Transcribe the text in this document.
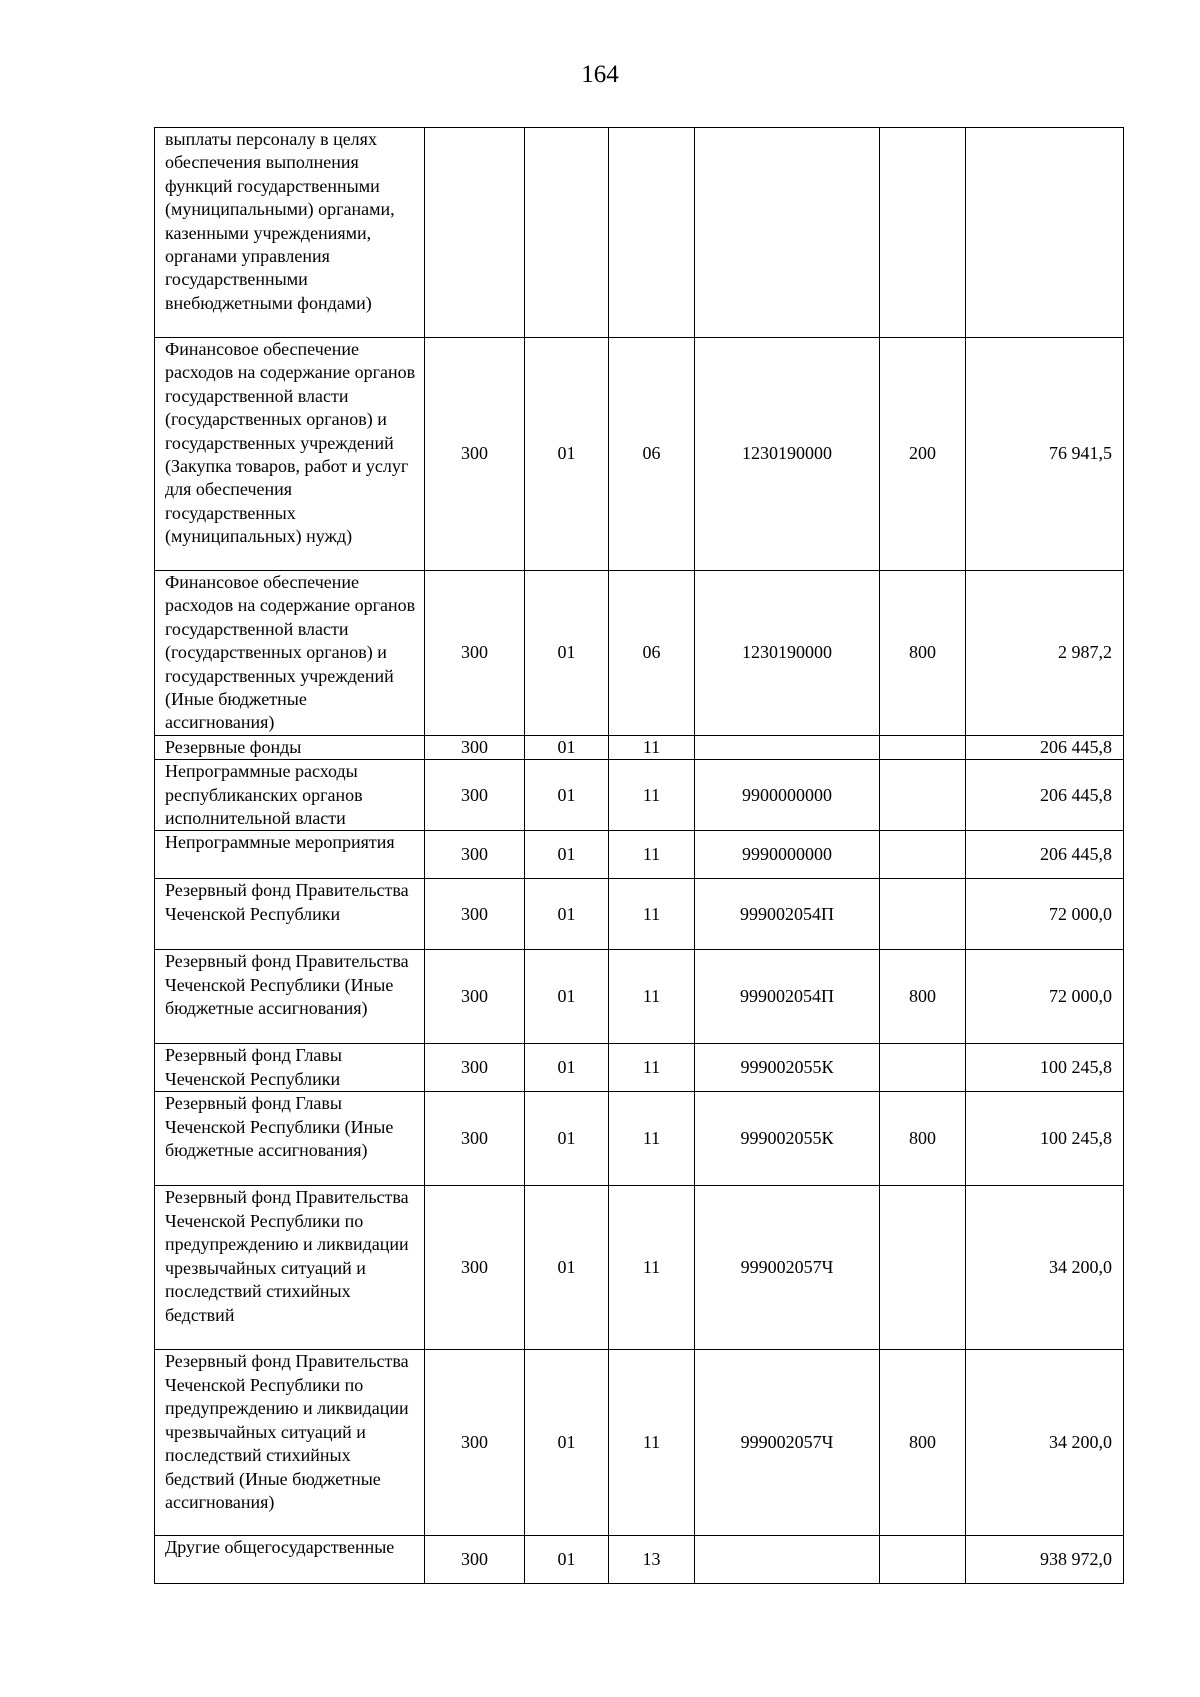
164
выплаты персоналу в целях обеспечения выполнения функций государственными (муниципальными) органами, казенными учреждениями, органами управления государственными внебюджетными фондами)						
Финансовое обеспечение расходов на содержание органов государственной власти (государственных органов) и государственных учреждений (Закупка товаров, работ и услуг для обеспечения государственных (муниципальных) нужд)	300	01	06	1230190000	200	76 941,5
Финансовое обеспечение расходов на содержание органов государственной власти (государственных органов) и государственных учреждений (Иные бюджетные ассигнования)	300	01	06	1230190000	800	2 987,2
Резервные фонды	300	01	11			206 445,8
Непрограммные расходы республиканских органов исполнительной власти	300	01	11	9900000000		206 445,8
Непрограммные мероприятия	300	01	11	9990000000		206 445,8
Резервный фонд Правительства Чеченской Республики	300	01	11	999002054П		72 000,0
Резервный фонд Правительства Чеченской Республики (Иные бюджетные ассигнования)	300	01	11	999002054П	800	72 000,0
Резервный фонд Главы Чеченской Республики	300	01	11	999002055К		100 245,8
Резервный фонд Главы Чеченской Республики (Иные бюджетные ассигнования)	300	01	11	999002055К	800	100 245,8
Резервный фонд Правительства Чеченской Республики по предупреждению и ликвидации чрезвычайных ситуаций и последствий стихийных бедствий	300	01	11	999002057Ч		34 200,0
Резервный фонд Правительства Чеченской Республики по предупреждению и ликвидации чрезвычайных ситуаций и последствий стихийных бедствий (Иные бюджетные ассигнования)	300	01	11	999002057Ч	800	34 200,0
Другие общегосударственные	300	01	13			938 972,0
